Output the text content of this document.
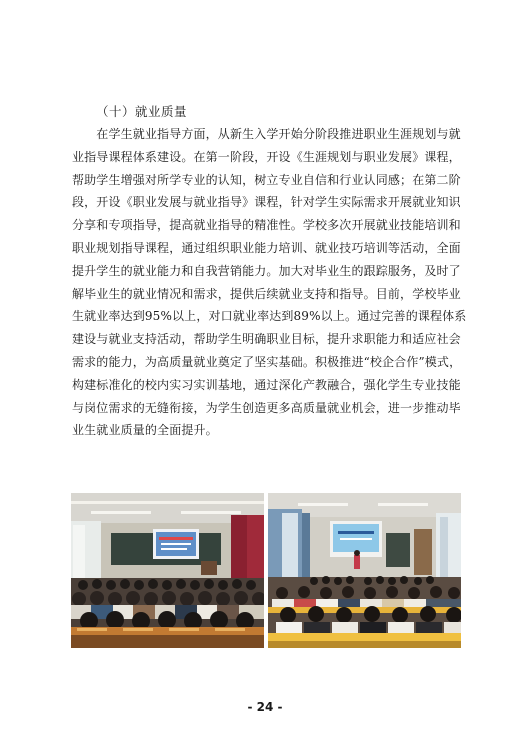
（十）就业质量
　　在学生就业指导方面，从新生入学开始分阶段推进职业生涯规划与就
业指导课程体系建设。在第一阶段，开设《生涯规划与职业发展》课程，
帮助学生增强对所学专业的认知，树立专业自信和行业认同感；在第二阶
段，开设《职业发展与就业指导》课程，针对学生实际需求开展就业知识
分享和专项指导，提高就业指导的精准性。学校多次开展就业技能培训和
职业规划指导课程，通过组织职业能力培训、就业技巧培训等活动，全面
提升学生的就业能力和自我营销能力。加大对毕业生的跟踪服务，及时了
解毕业生的就业情况和需求，提供后续就业支持和指导。目前，学校毕业
生就业率达到95%以上，对口就业率达到89%以上。通过完善的课程体系
建设与就业支持活动，帮助学生明确职业目标，提升求职能力和适应社会
需求的能力，为高质量就业奠定了坚实基础。积极推进“校企合作”模式，
构建标准化的校内实习实训基地，通过深化产教融合，强化学生专业技能
与岗位需求的无缝衔接，为学生创造更多高质量就业机会，进一步推动毕
业生就业质量的全面提升。
- 24 -
